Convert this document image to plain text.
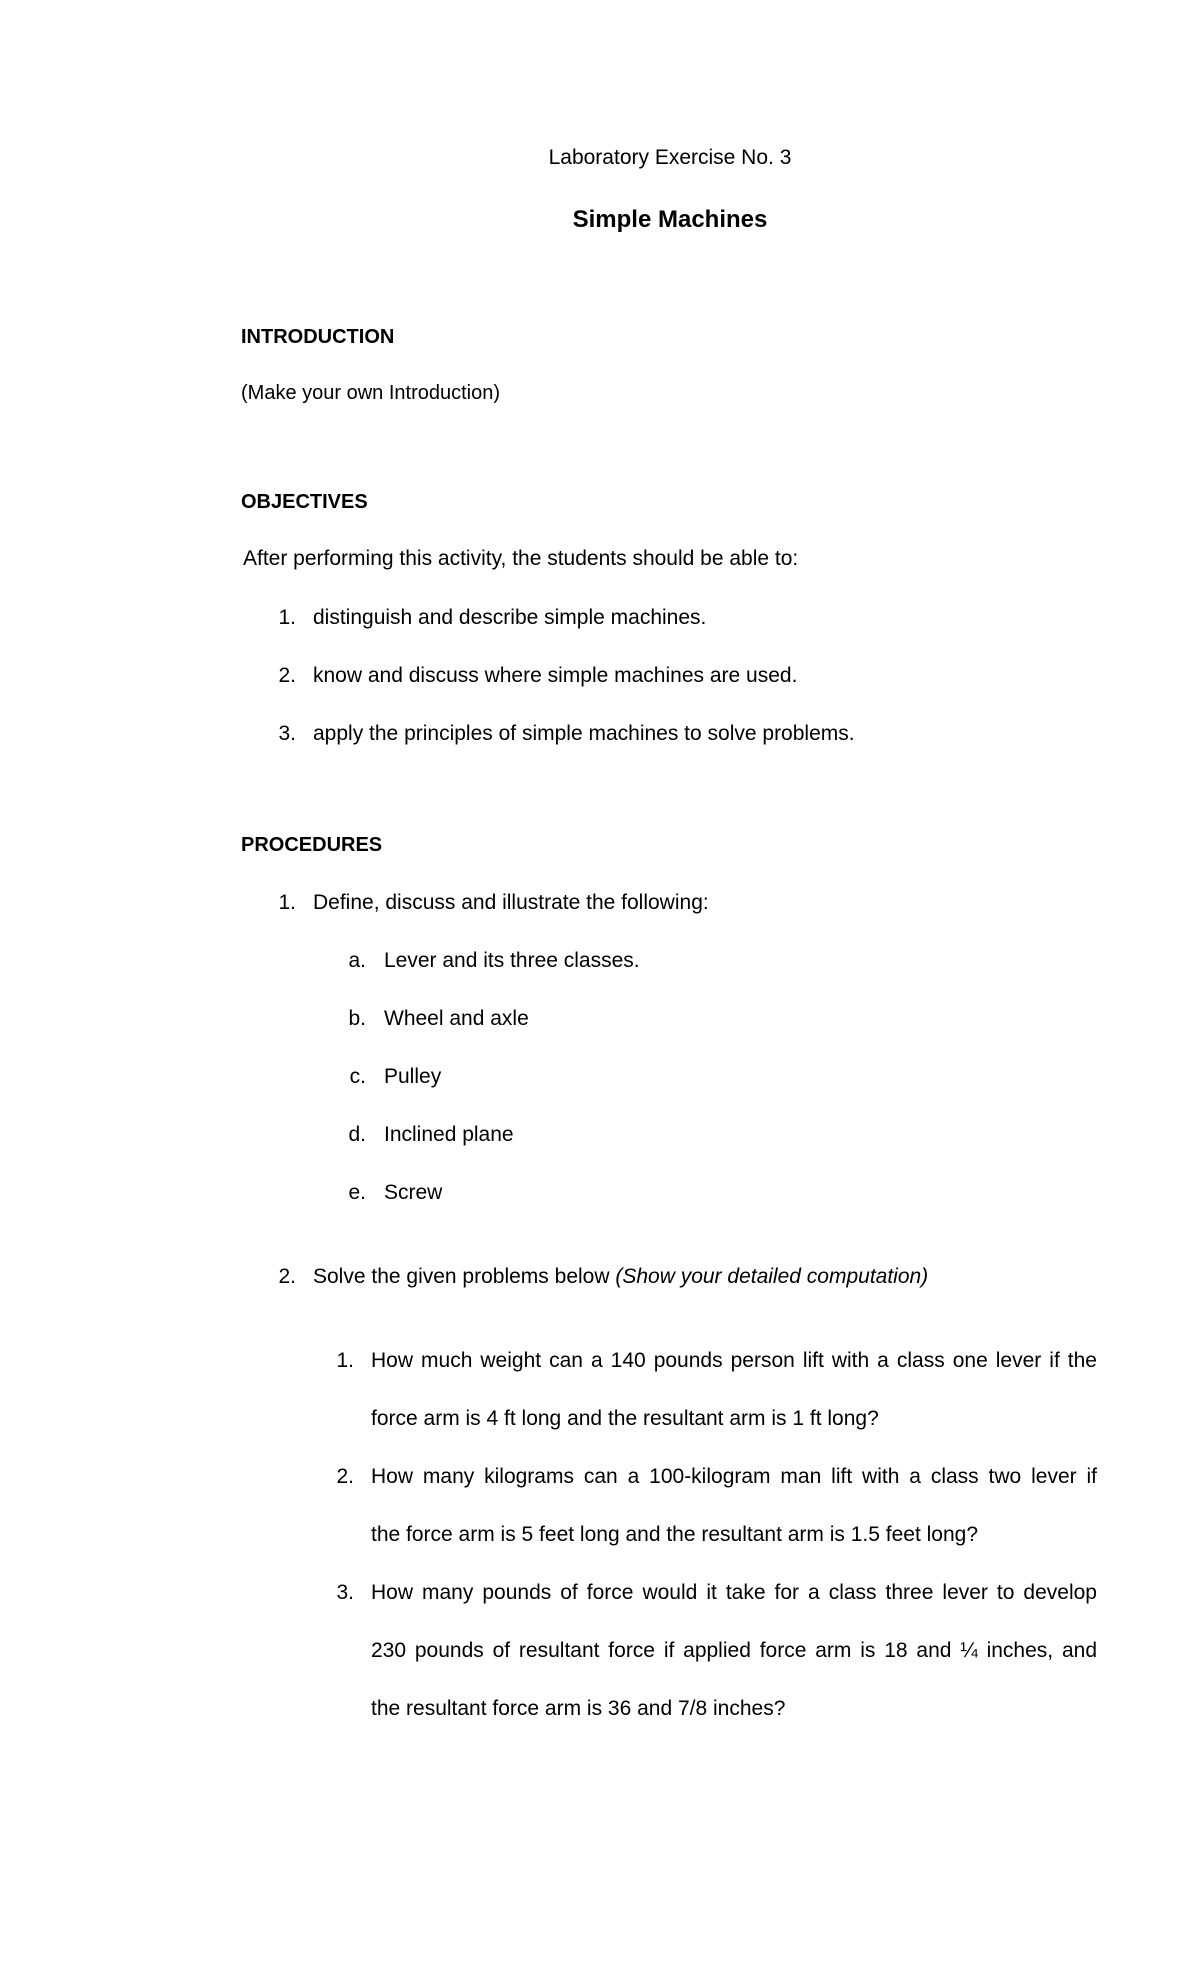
Laboratory Exercise No. 3
Simple Machines
INTRODUCTION
(Make your own Introduction)
OBJECTIVES
After performing this activity, the students should be able to:
1. distinguish and describe simple machines.
2. know and discuss where simple machines are used.
3. apply the principles of simple machines to solve problems.
PROCEDURES
1. Define, discuss and illustrate the following:
a. Lever and its three classes.
b. Wheel and axle
c. Pulley
d. Inclined plane
e. Screw
2. Solve the given problems below (Show your detailed computation)
1. How much weight can a 140 pounds person lift with a class one lever if the
force arm is 4 ft long and the resultant arm is 1 ft long?
2. How many kilograms can a 100-kilogram man lift with a class two lever if
the force arm is 5 feet long and the resultant arm is 1.5 feet long?
3. How many pounds of force would it take for a class three lever to develop
230 pounds of resultant force if applied force arm is 18 and ¼ inches, and
the resultant force arm is 36 and 7/8 inches?
